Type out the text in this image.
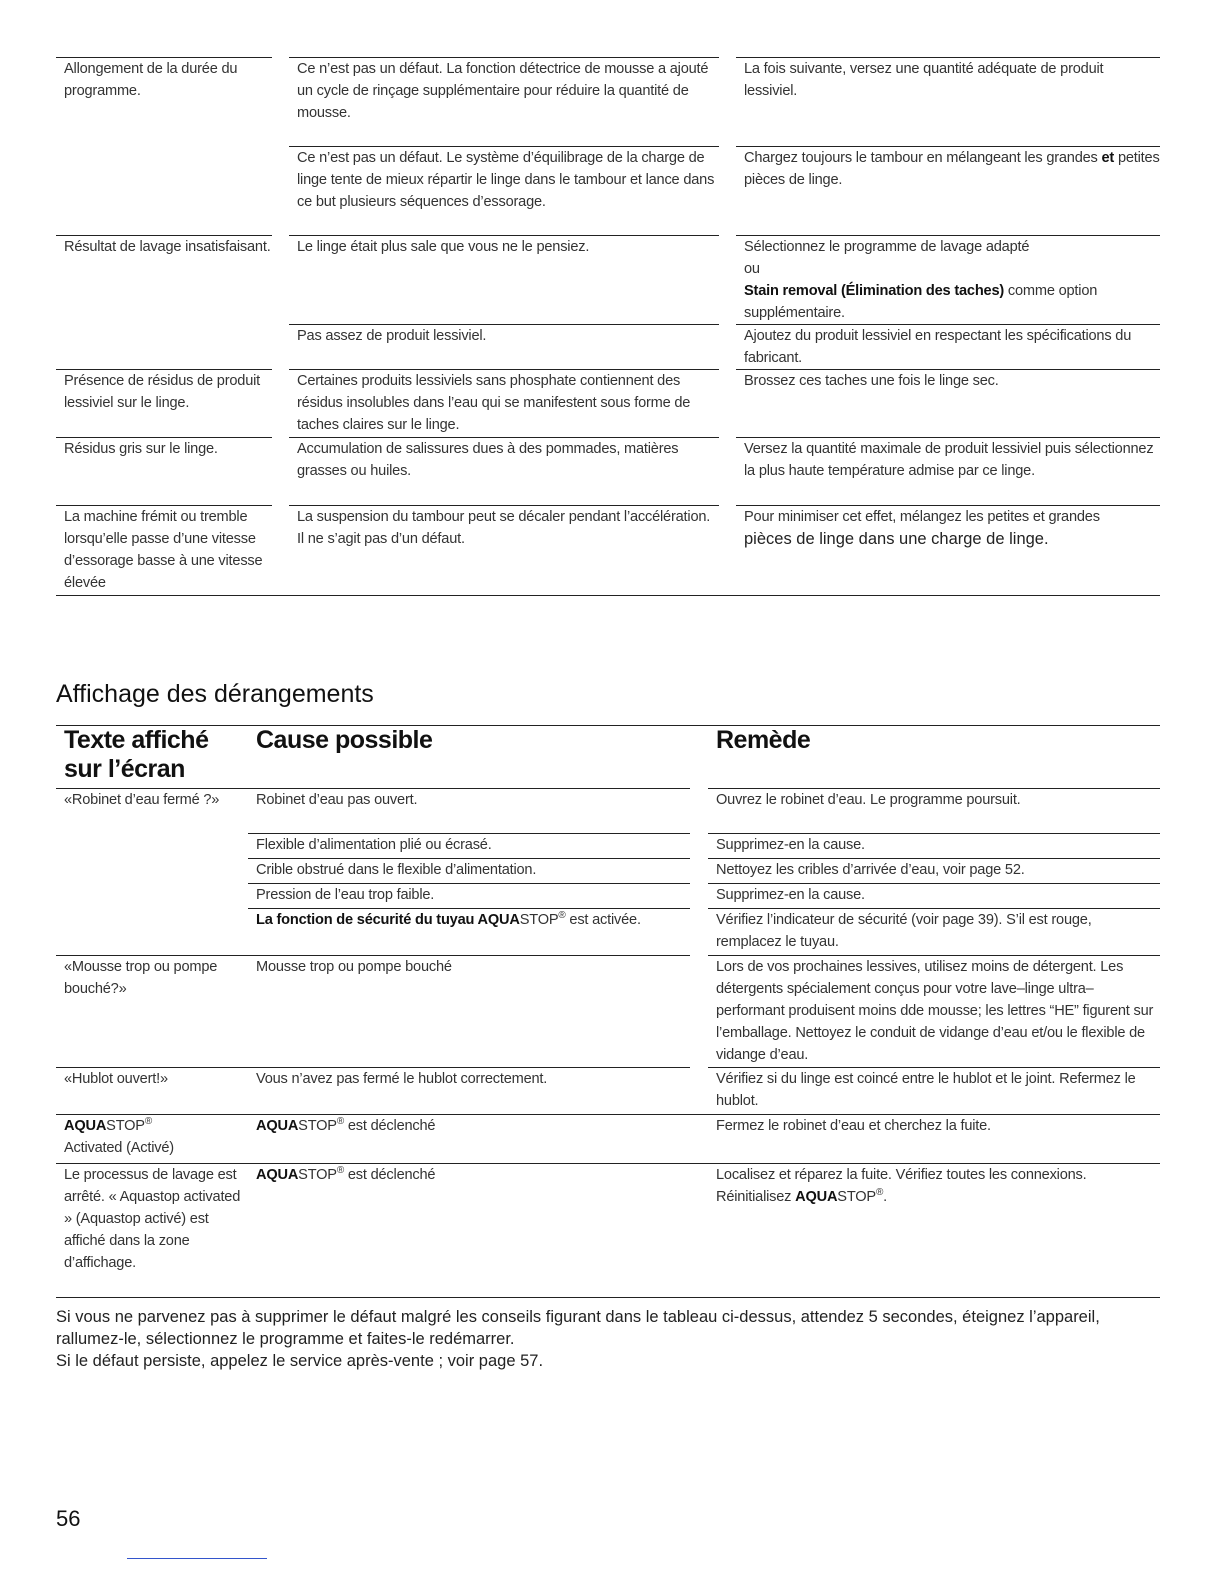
Allongement de la durée du programme.		Ce n’est pas un défaut. La fonction détectrice de mousse a ajouté un cycle de rinçage supplémentaire pour réduire la quantité de mousse.		La fois suivante, versez une quantité adéquate de produit lessiviel.

		Ce n’est pas un défaut. Le système d’équilibrage de la charge de linge tente de mieux répartir le linge dans le tambour et lance dans ce but plusieurs séquences d’essorage.		Chargez toujours le tambour en mélangeant les grandes et petites pièces de linge.

Résultat de lavage insatisfaisant.		Le linge était plus sale que vous ne le pensiez.		Sélectionnez le programme de lavage adapté
ou
Stain removal (Élimination des taches) comme option supplémentaire.

		Pas assez de produit lessiviel.		Ajoutez du produit lessiviel en respectant les spécifications du fabricant.

Présence de résidus de produit lessiviel sur le linge.		Certaines produits lessiviels sans phosphate contiennent des résidus insolubles dans l’eau qui se manifestent sous forme de taches claires sur le linge.		Brossez ces taches une fois le linge sec.

Résidus gris sur le linge.		Accumulation de salissures dues à des pommades, matières grasses ou huiles.		Versez la quantité maximale de produit lessiviel puis sélectionnez la plus haute température admise par ce linge.

La machine frémit ou tremble lorsqu’elle passe d’une vitesse d’essorage basse à une vitesse élevée		La suspension du tambour peut se décaler pendant l’accélération. Il ne s’agit pas d’un défaut.		Pour minimiser cet effet, mélangez les petites et grandes
pièces de linge dans une charge de linge.

Affichage des dérangements

Texte affiché
sur l’écran		Cause possible		Remède

«Robinet d’eau fermé ?»		Robinet d’eau pas ouvert.		Ouvrez le robinet d’eau. Le programme poursuit.

		Flexible d’alimentation plié ou écrasé.		Supprimez-en la cause.

		Crible obstrué dans le flexible d’alimentation.		Nettoyez les cribles d’arrivée d’eau, voir page 52.

		Pression de l’eau trop faible.		Supprimez-en la cause.

		La fonction de sécurité du tuyau AQUASTOP® est activée.		Vérifiez l’indicateur de sécurité (voir page 39). S’il est rouge, remplacez le tuyau.

«Mousse trop ou pompe bouché?»		Mousse trop ou pompe bouché		Lors de vos prochaines lessives, utilisez moins de détergent. Les détergents spécialement conçus pour votre lave–linge ultra–performant produisent moins dde mousse; les lettres “HE” figurent sur l’emballage. Nettoyez le conduit de vidange d’eau et/ou le flexible de vidange d’eau.

«Hublot ouvert!»		Vous n’avez pas fermé le hublot correctement.		Vérifiez si du linge est coincé entre le hublot et le joint. Refermez le hublot.

AQUASTOP®
Activated (Activé)		AQUASTOP® est déclenché		Fermez le robinet d’eau et cherchez la fuite.

Le processus de lavage est arrêté. « Aquastop activated » (Aquastop activé) est affiché dans la zone d’affichage.		AQUASTOP® est déclenché		Localisez et réparez la fuite. Vérifiez toutes les connexions. Réinitialisez AQUASTOP®.

Si vous ne parvenez pas à supprimer le défaut malgré les conseils figurant dans le tableau ci-dessus, attendez 5 secondes, éteignez l’appareil, rallumez-le, sélectionnez le programme et faites-le redémarrer.

Si le défaut persiste, appelez le service après-vente ; voir page 57.

56
